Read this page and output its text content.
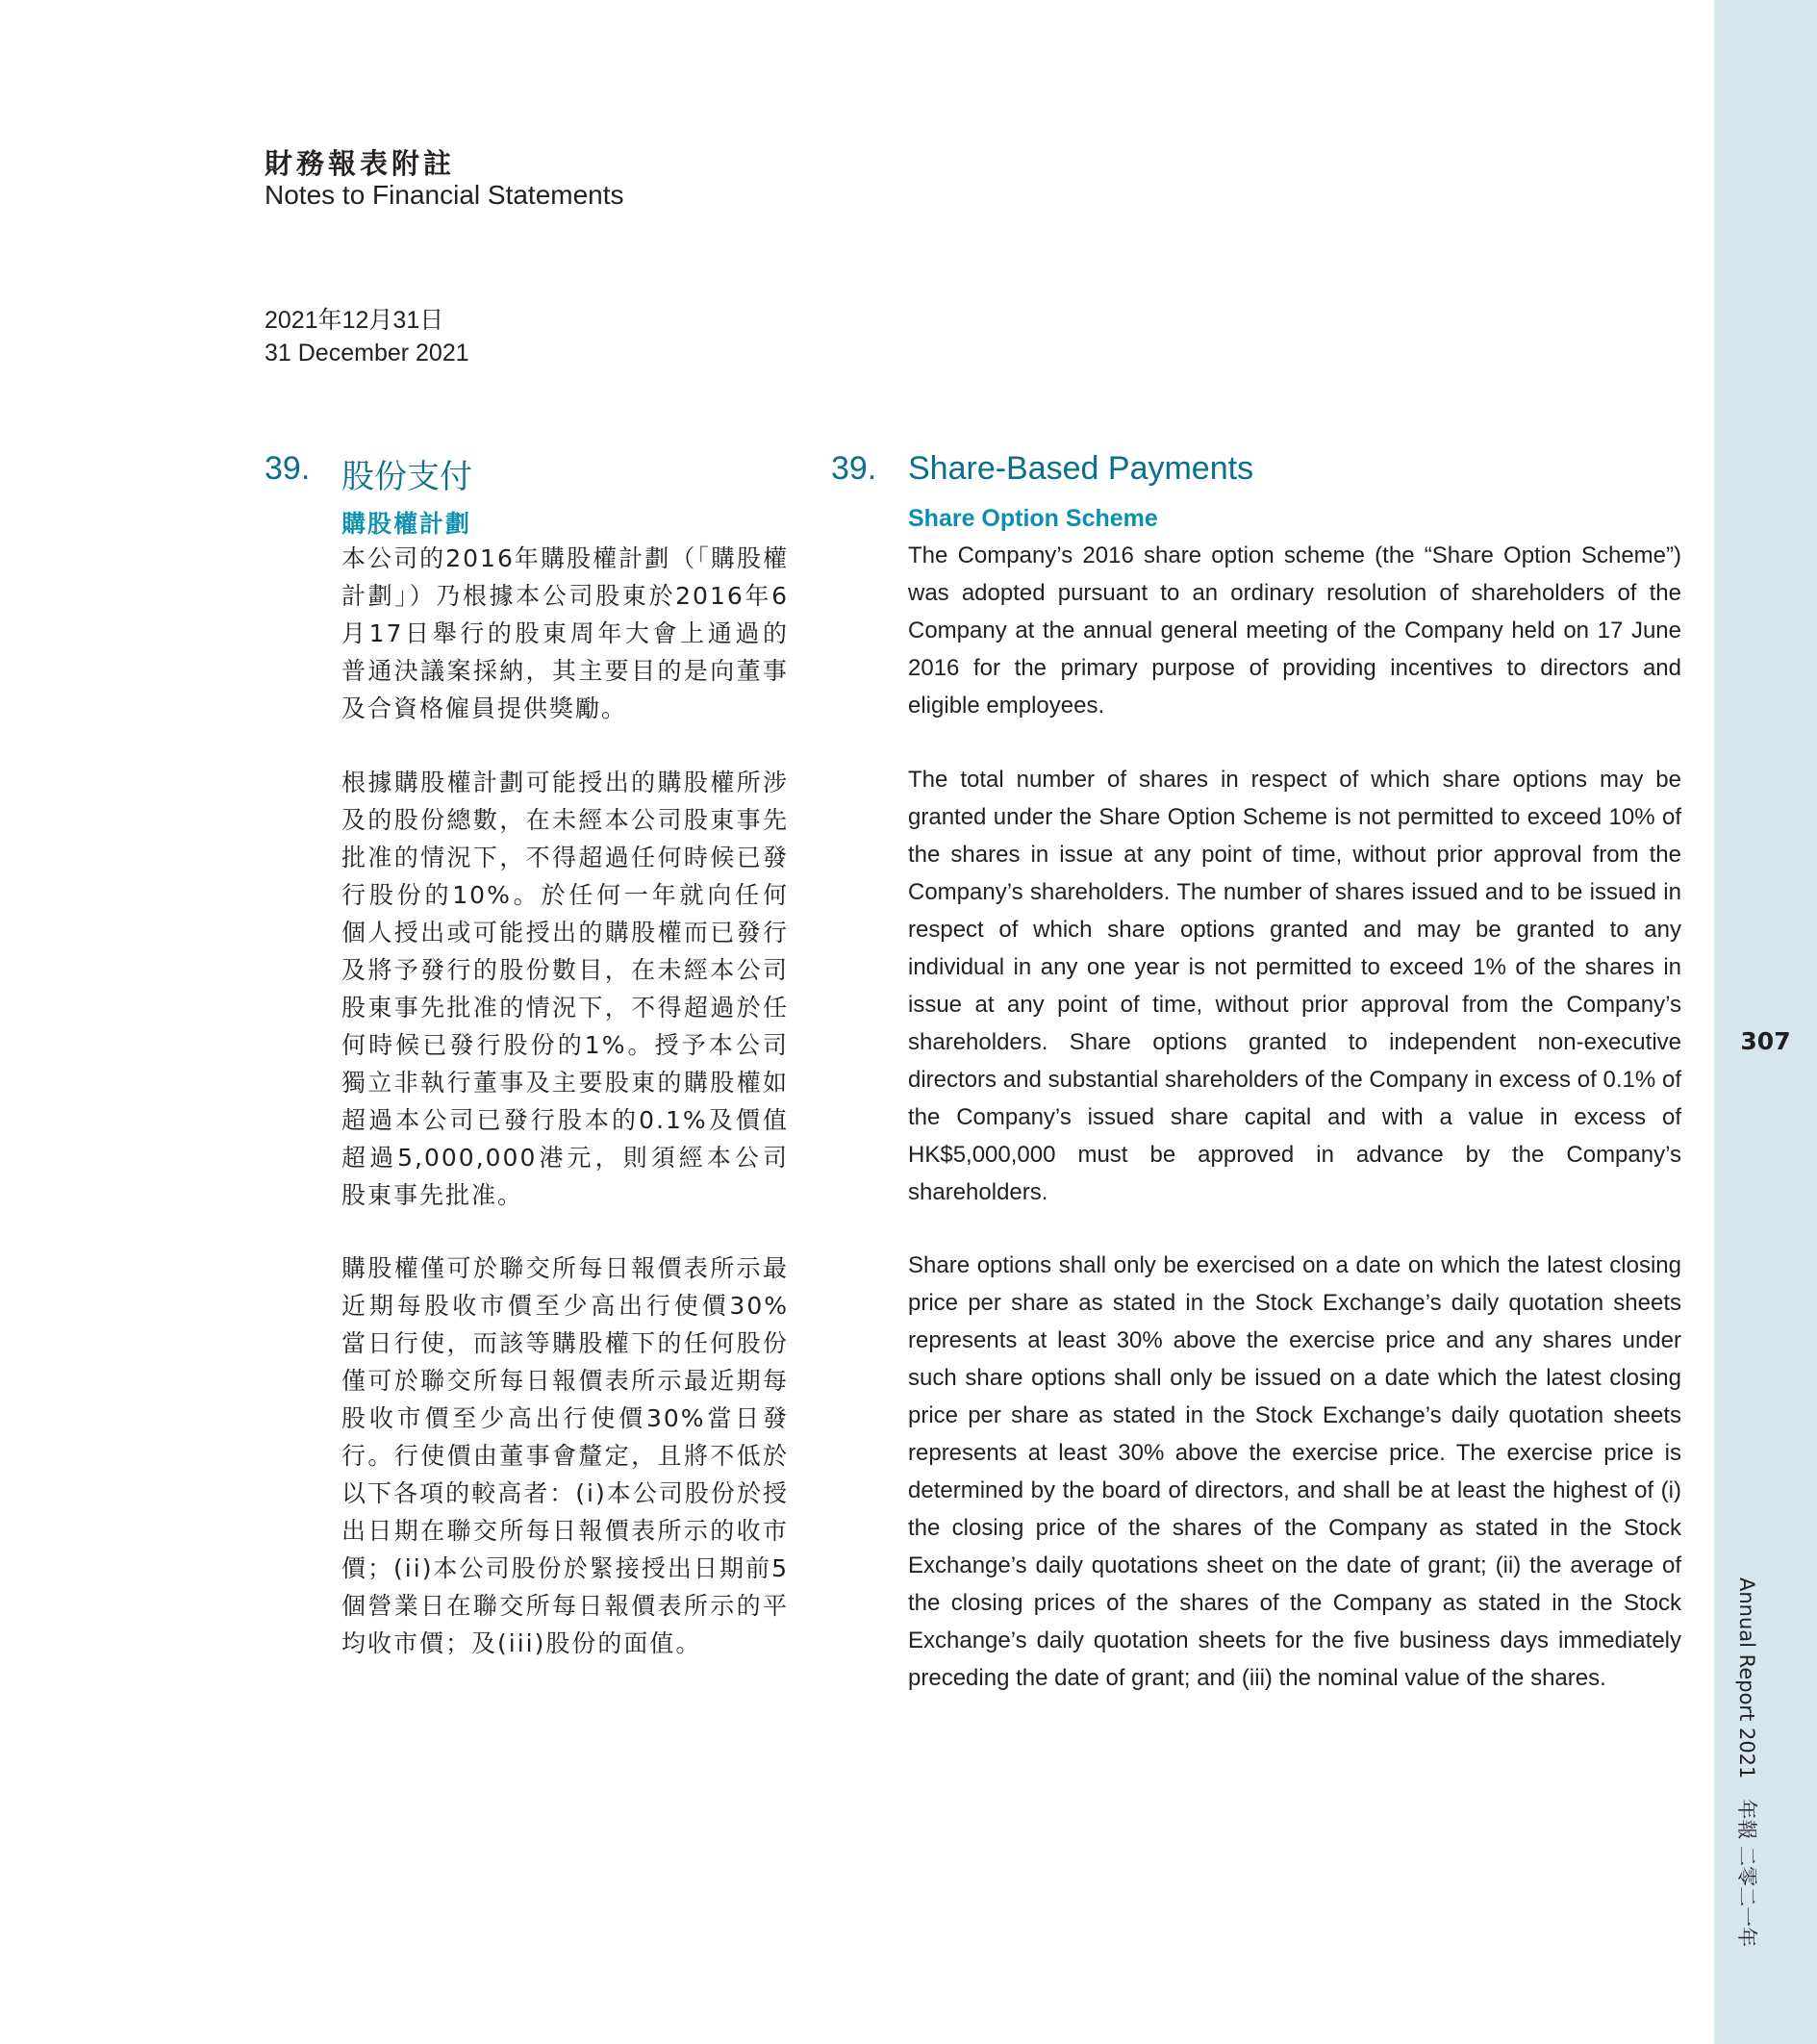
307
Annual Report 2021　年報 二零二一年
財務報表附註
Notes to Financial Statements
2021年12月31日
31 December 2021
39. 股份支付
購股權計劃

本公司的2016年購股權計劃（「購股權計劃」）乃根據本公司股東於2016年6月17日舉行的股東周年大會上通過的普通決議案採納，其主要目的是向董事及合資格僱員提供獎勵。

根據購股權計劃可能授出的購股權所涉及的股份總數，在未經本公司股東事先批准的情況下，不得超過任何時候已發行股份的10%。於任何一年就向任何個人授出或可能授出的購股權而已發行及將予發行的股份數目，在未經本公司股東事先批准的情況下，不得超過於任何時候已發行股份的1%。授予本公司獨立非執行董事及主要股東的購股權如超過本公司已發行股本的0.1%及價值超過5,000,000港元，則須經本公司股東事先批准。

購股權僅可於聯交所每日報價表所示最近期每股收市價至少高出行使價30%當日行使，而該等購股權下的任何股份僅可於聯交所每日報價表所示最近期每股收市價至少高出行使價30%當日發行。行使價由董事會釐定，且將不低於以下各項的較高者：(i)本公司股份於授出日期在聯交所每日報價表所示的收市價；(ii)本公司股份於緊接授出日期前5個營業日在聯交所每日報價表所示的平均收市價；及(iii)股份的面值。

39. Share-Based Payments
Share Option Scheme

The Company’s 2016 share option scheme (the “Share Option Scheme”) was adopted pursuant to an ordinary resolution of shareholders of the Company at the annual general meeting of the Company held on 17 June 2016 for the primary purpose of providing incentives to directors and eligible employees.

The total number of shares in respect of which share options may be granted under the Share Option Scheme is not permitted to exceed 10% of the shares in issue at any point of time, without prior approval from the Company’s shareholders. The number of shares issued and to be issued in respect of which share options granted and may be granted to any individual in any one year is not permitted to exceed 1% of the shares in issue at any point of time, without prior approval from the Company’s shareholders. Share options granted to independent non-executive directors and substantial shareholders of the Company in excess of 0.1% of the Company’s issued share capital and with a value in excess of HK$5,000,000 must be approved in advance by the Company’s shareholders.

Share options shall only be exercised on a date on which the latest closing price per share as stated in the Stock Exchange’s daily quotation sheets represents at least 30% above the exercise price and any shares under such share options shall only be issued on a date which the latest closing price per share as stated in the Stock Exchange’s daily quotation sheets represents at least 30% above the exercise price. The exercise price is determined by the board of directors, and shall be at least the highest of (i) the closing price of the shares of the Company as stated in the Stock Exchange’s daily quotations sheet on the date of grant; (ii) the average of the closing prices of the shares of the Company as stated in the Stock Exchange’s daily quotation sheets for the five business days immediately preceding the date of grant; and (iii) the nominal value of the shares.
